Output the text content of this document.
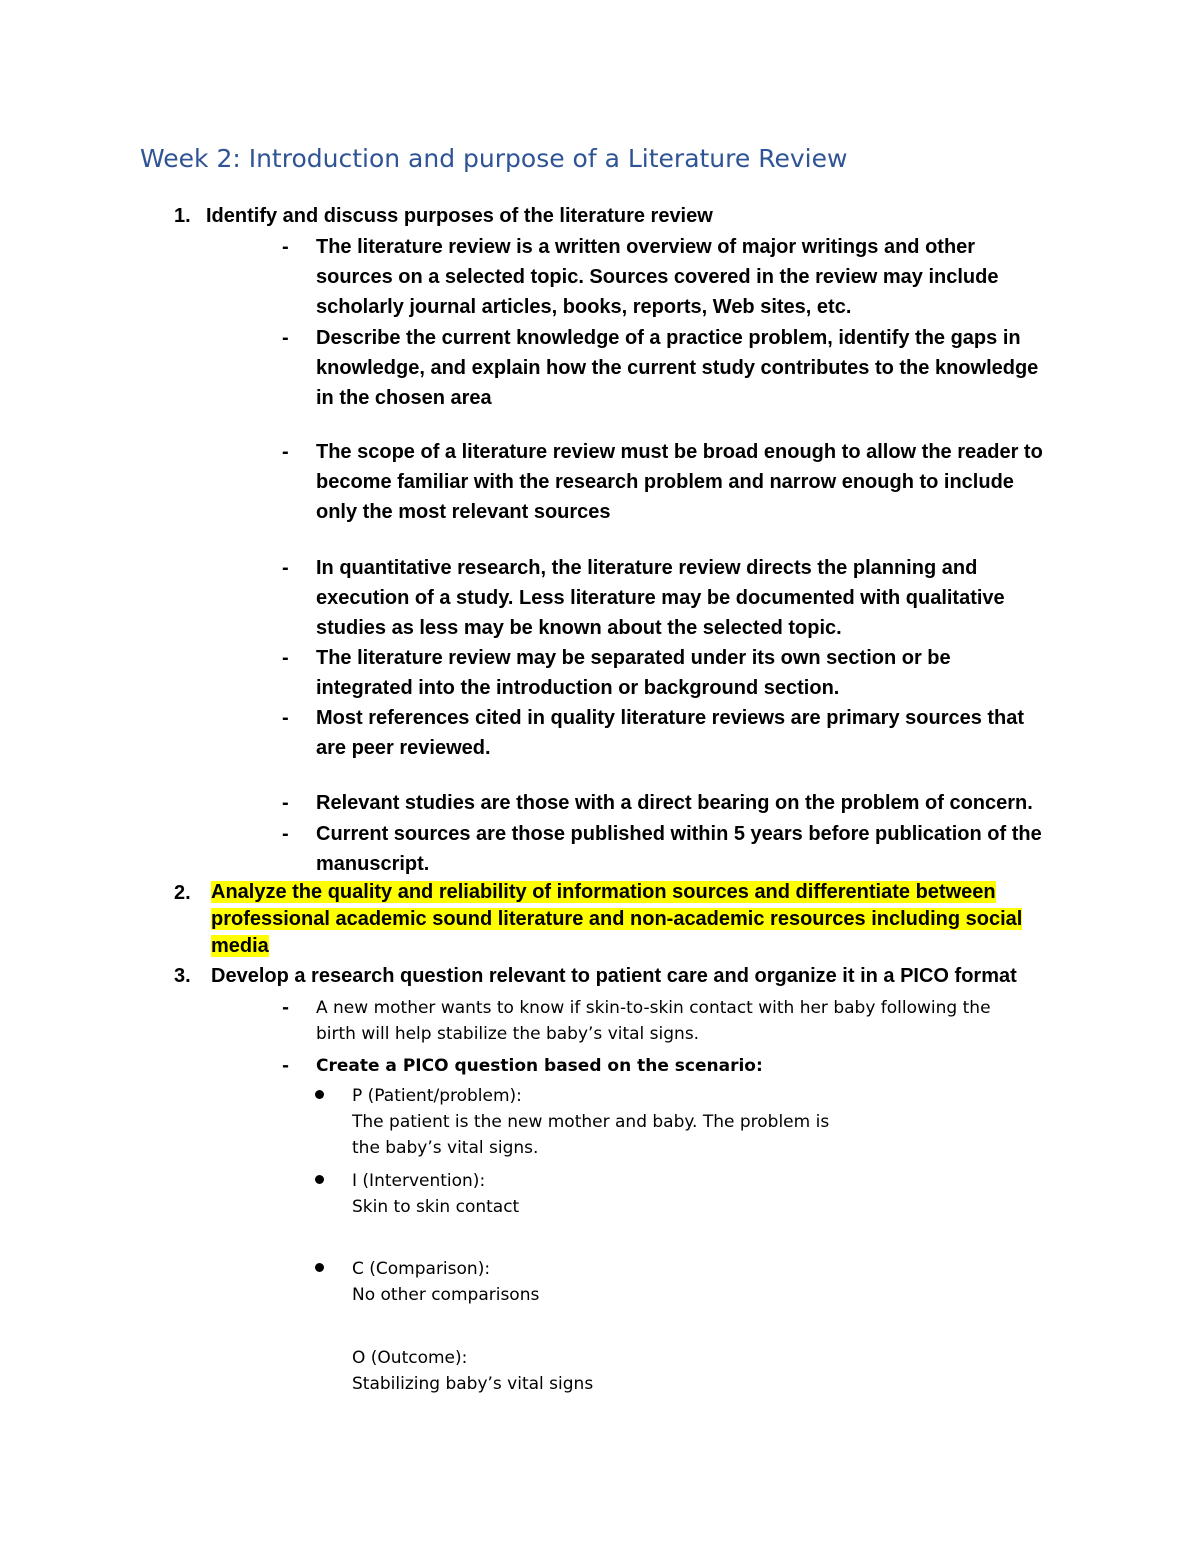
Week 2: Introduction and purpose of a Literature Review
1. Identify and discuss purposes of the literature review
- The literature review is a written overview of major writings and other
sources on a selected topic. Sources covered in the review may include
scholarly journal articles, books, reports, Web sites, etc.
- Describe the current knowledge of a practice problem, identify the gaps in
knowledge, and explain how the current study contributes to the knowledge
in the chosen area
- The scope of a literature review must be broad enough to allow the reader to
become familiar with the research problem and narrow enough to include
only the most relevant sources
- In quantitative research, the literature review directs the planning and
execution of a study. Less literature may be documented with qualitative
studies as less may be known about the selected topic.
- The literature review may be separated under its own section or be
integrated into the introduction or background section.
- Most references cited in quality literature reviews are primary sources that
are peer reviewed.
- Relevant studies are those with a direct bearing on the problem of concern.
- Current sources are those published within 5 years before publication of the
manuscript.
2. Analyze the quality and reliability of information sources and differentiate between
professional academic sound literature and non-academic resources including social
media
3. Develop a research question relevant to patient care and organize it in a PICO format
- A new mother wants to know if skin-to-skin contact with her baby following the
birth will help stabilize the baby’s vital signs.
- Create a PICO question based on the scenario:
P (Patient/problem):
The patient is the new mother and baby. The problem is
the baby’s vital signs.
I (Intervention):
Skin to skin contact
C (Comparison):
No other comparisons
O (Outcome):
Stabilizing baby’s vital signs
